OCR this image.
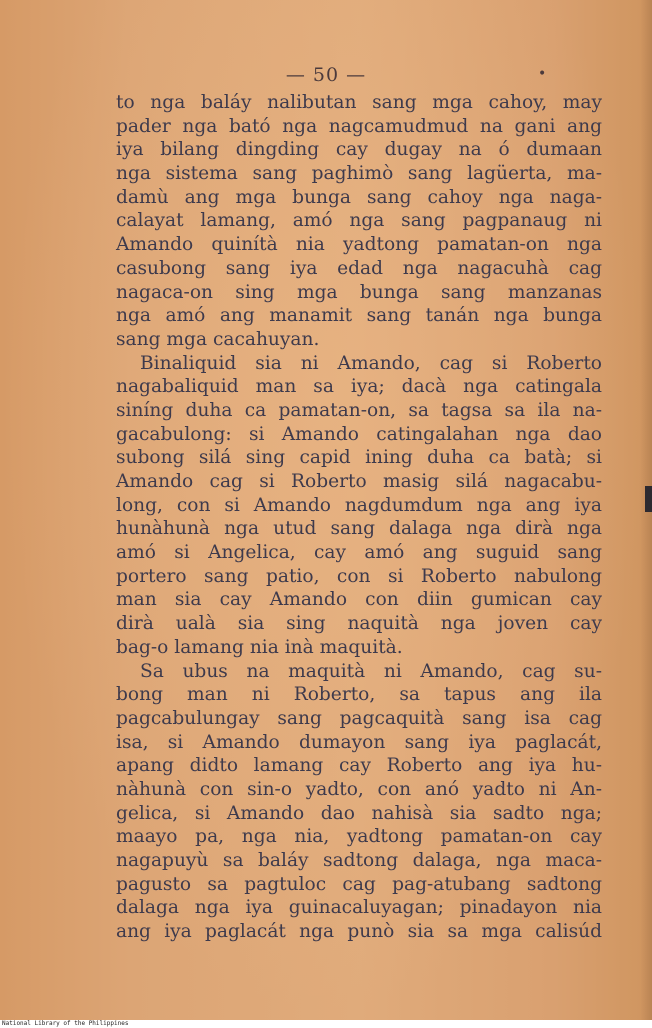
— 50 —	•
to nga baláy nalibutan sang mga cahoy, may
pader nga bató nga nagcamudmud na gani ang
iya bilang dingding cay dugay na ó dumaan
nga sistema sang paghimò sang lagüerta, ma-
damù ang mga bunga sang cahoy nga naga-
calayat lamang, amó nga sang pagpanaug ni
Amando quinítà nia yadtong pamatan-on nga
casubong sang iya edad nga nagacuhà cag
nagaca-on sing mga bunga sang manzanas
nga amó ang manamit sang tanán nga bunga
sang mga cacahuyan.
Binaliquid sia ni Amando, cag si Roberto
nagabaliquid man sa iya; dacà nga catingala
siníng duha ca pamatan-on, sa tagsa sa ila na-
gacabulong: si Amando catingalahan nga dao
subong silá sing capid ining duha ca batà; si
Amando cag si Roberto masig silá nagacabu-
long, con si Amando nagdumdum nga ang iya
hunàhunà nga utud sang dalaga nga dirà nga
amó si Angelica, cay amó ang suguid sang
portero sang patio, con si Roberto nabulong
man sia cay Amando con diin gumican cay
dirà ualà sia sing naquità nga joven cay
bag-o lamang nia inà maquità.
Sa ubus na maquità ni Amando, cag su-
bong man ni Roberto, sa tapus ang ila
pagcabulungay sang pagcaquità sang isa cag
isa, si Amando dumayon sang iya paglacát,
apang didto lamang cay Roberto ang iya hu-
nàhunà con sin-o yadto, con anó yadto ni An-
gelica, si Amando dao nahisà sia sadto nga;
maayo pa, nga nia, yadtong pamatan-on cay
nagapuyù sa baláy sadtong dalaga, nga maca-
pagusto sa pagtuloc cag pag-atubang sadtong
dalaga nga iya guinacaluyagan; pinadayon nia
ang iya paglacát nga punò sia sa mga calisúd
National Library of the Philippines
